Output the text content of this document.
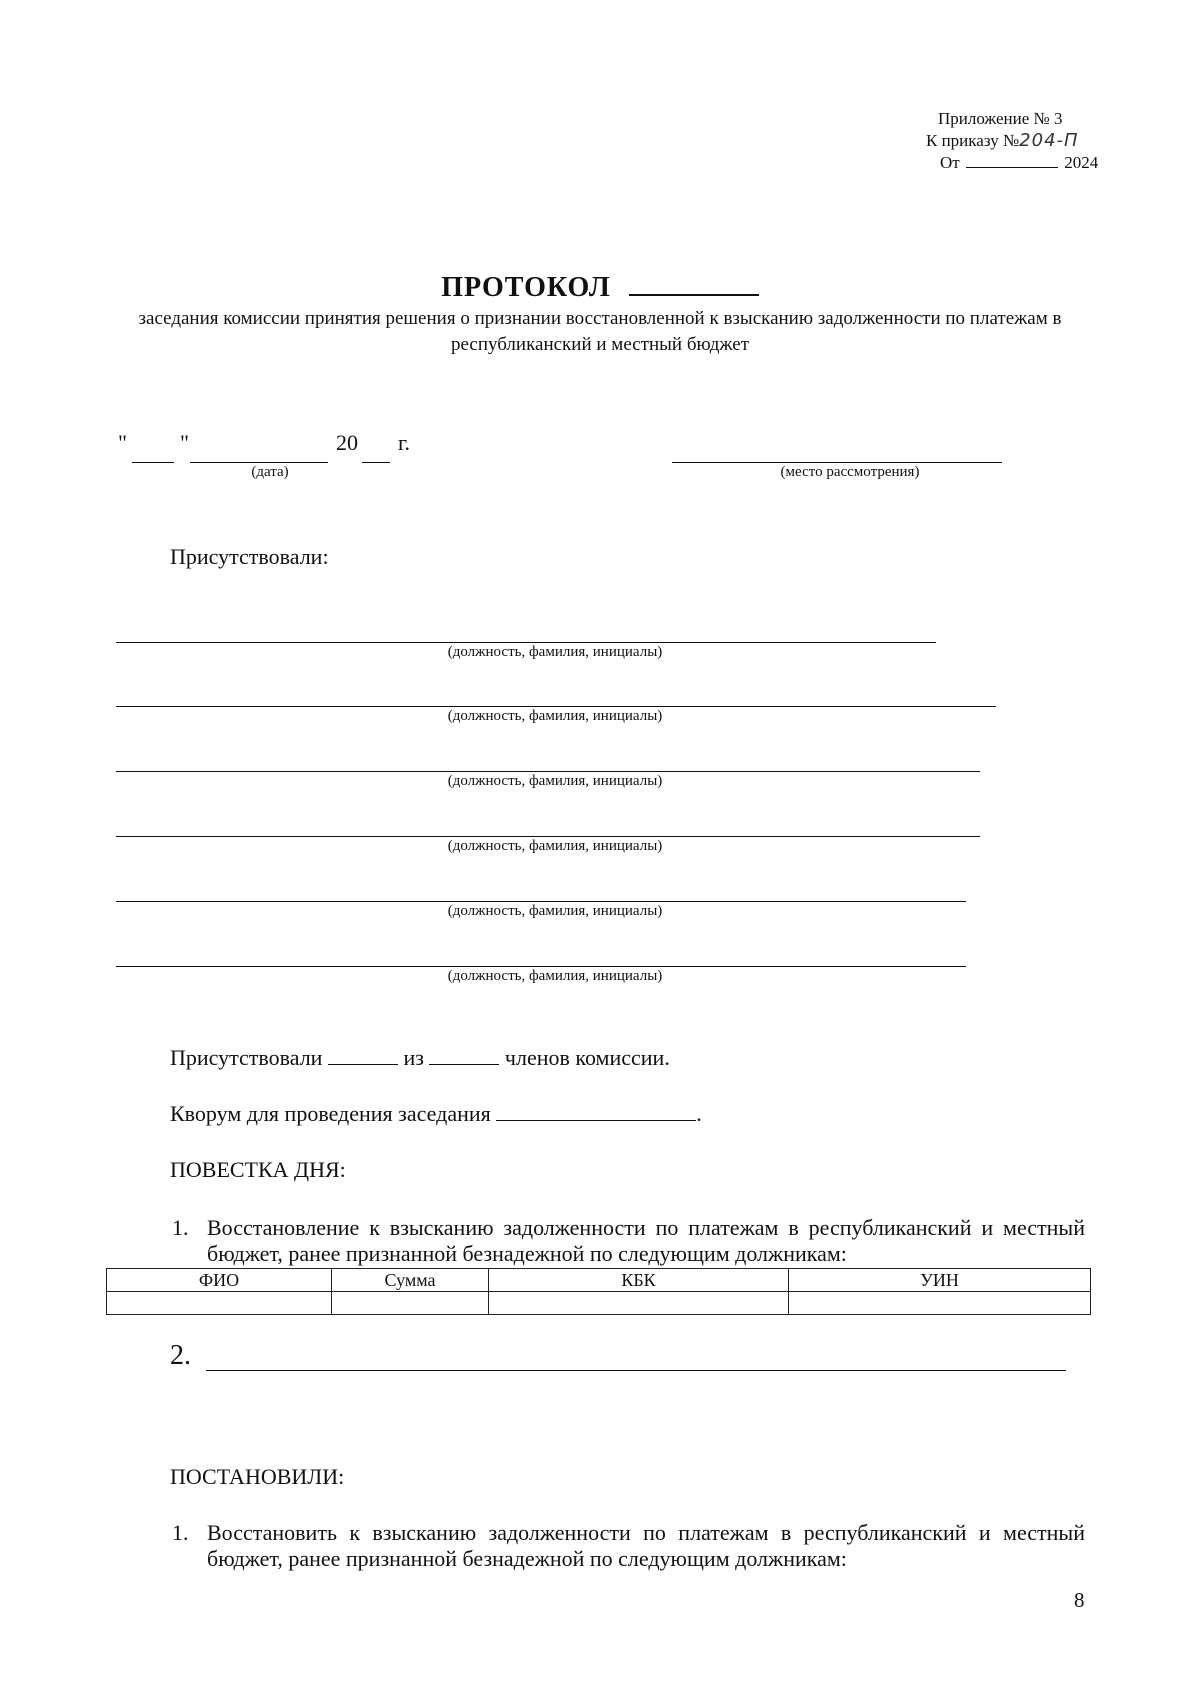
Приложение № 3
К приказу №204-П
От	2024
ПРОТОКОЛ
заседания комиссии принятия решения о признании восстановленной к взысканию задолженности по платежам в республиканский и местный бюджет
" "	20 г.
(дата)	(место рассмотрения)
Присутствовали:
(должность, фамилия, инициалы)
(должность, фамилия, инициалы)
(должность, фамилия, инициалы)
(должность, фамилия, инициалы)
(должность, фамилия, инициалы)
(должность, фамилия, инициалы)
Присутствовали	из	членов комиссии.
Кворум для проведения заседания	.
ПОВЕСТКА ДНЯ:
1. Восстановление к взысканию задолженности по платежам в республиканский и местный бюджет, ранее признанной безнадежной по следующим должникам:
ФИО	Сумма	КБК	УИН

2.
ПОСТАНОВИЛИ:
1. Восстановить к взысканию задолженности по платежам в республиканский и местный бюджет, ранее признанной безнадежной по следующим должникам:
8
